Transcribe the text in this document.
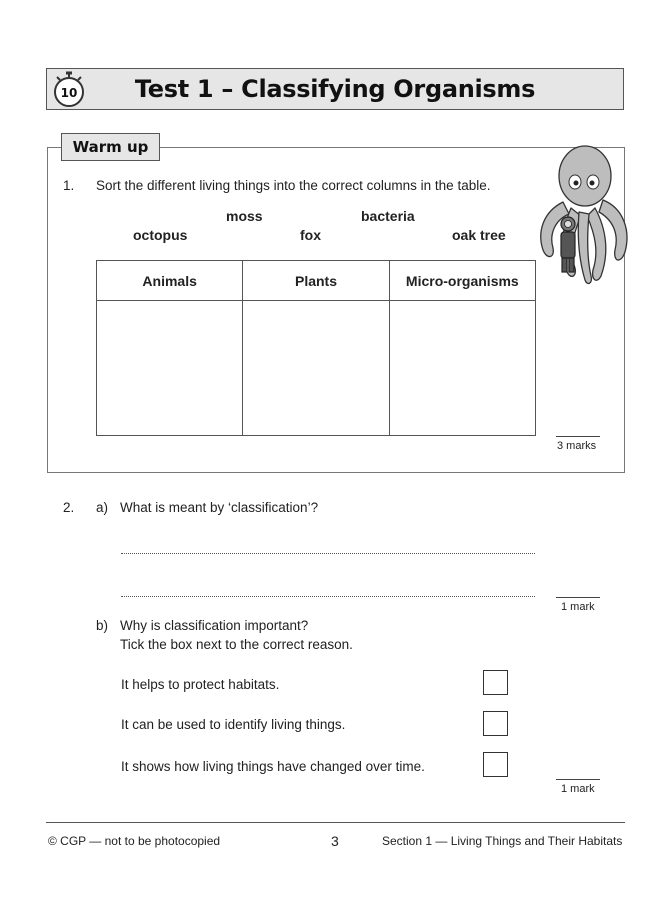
Test 1 – Classifying Organisms
10
Warm up
1. Sort the different living things into the correct columns in the table.
moss	bacteria
octopus	fox	oak tree
Animals	Plants	Micro-organisms

3 marks
2. a) What is meant by ‘classification’?
1 mark
b) Why is classification important?
Tick the box next to the correct reason.
It helps to protect habitats.
It can be used to identify living things.
It shows how living things have changed over time.
1 mark
© CGP — not to be photocopied	3	Section 1 — Living Things and Their Habitats
